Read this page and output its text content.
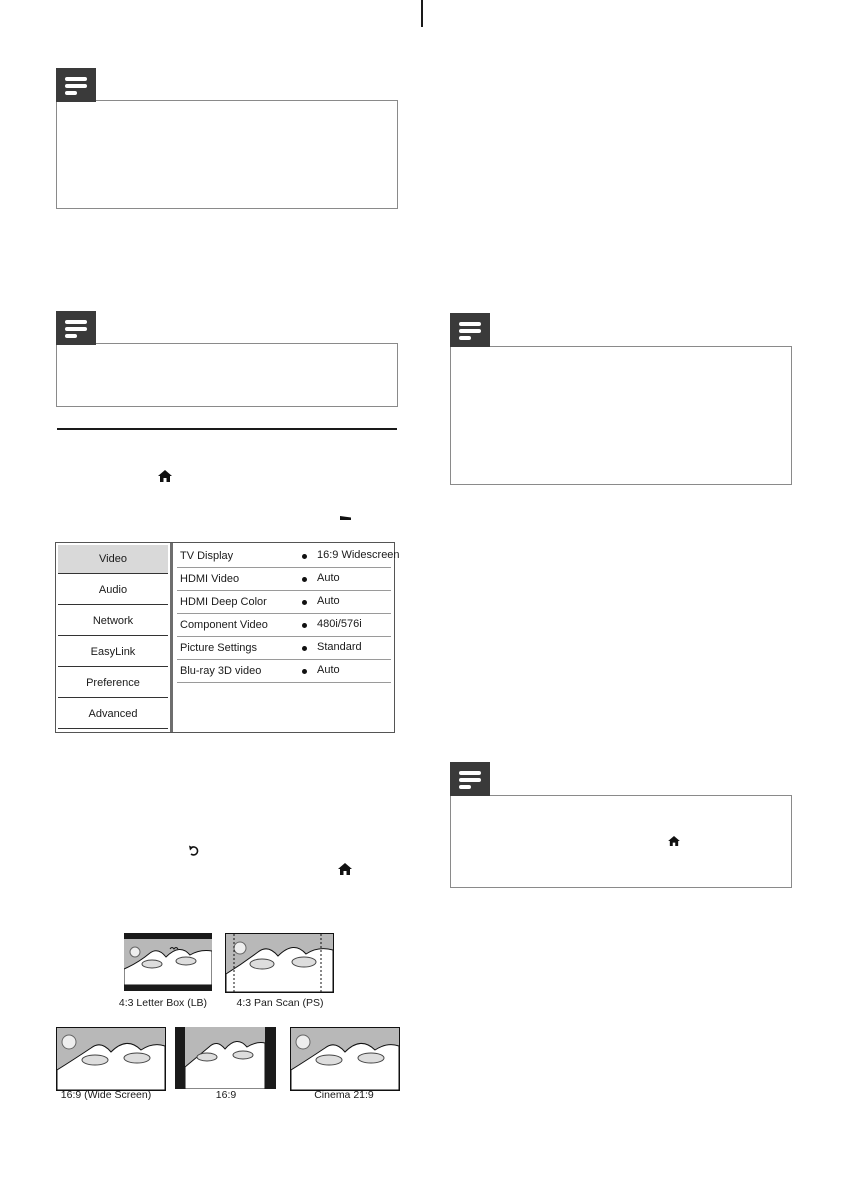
Video
Audio
Network
EasyLink
Preference
Advanced
TV Display	16:9 Widescreen
HDMI Video	Auto
HDMI Deep Color	Auto
Component Video	480i/576i
Picture Settings	Standard
Blu-ray 3D video	Auto
4:3 Letter Box (LB)	4:3 Pan Scan (PS)
16:9 (Wide Screen)	16:9	Cinema 21:9
